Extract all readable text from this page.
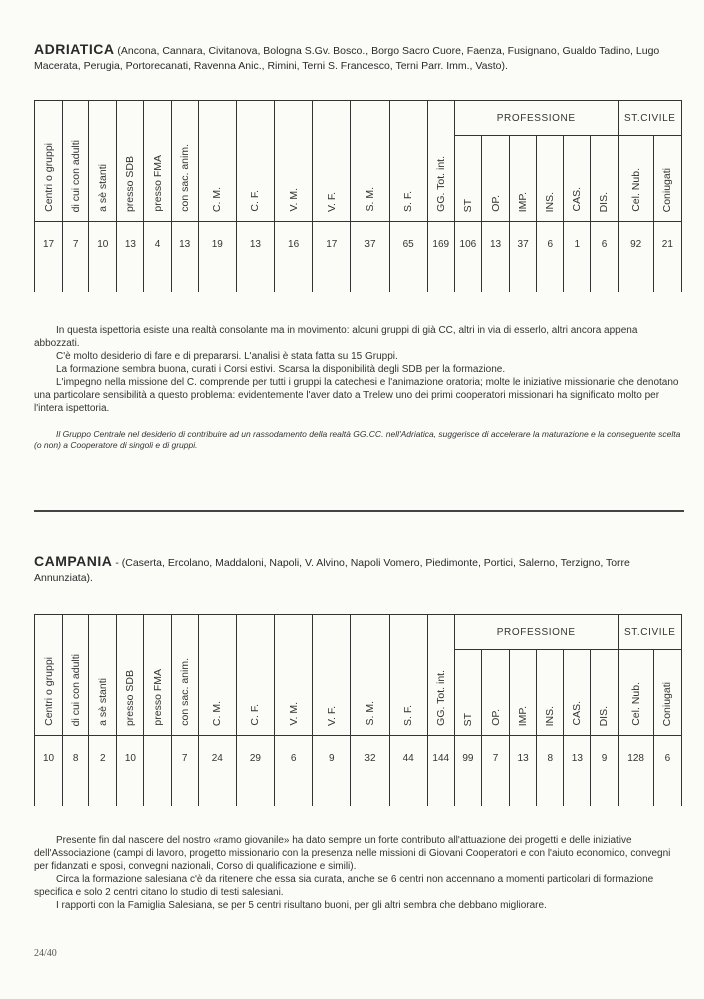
ADRIATICA (Ancona, Cannara, Civitanova, Bologna S.Gv. Bosco., Borgo Sacro Cuore, Faenza, Fusignano, Gualdo Tadino, Lugo Macerata, Perugia, Portorecanati, Ravenna Anic., Rimini, Terni S. Francesco, Terni Parr. Imm., Vasto).
Centri o gruppi	di cui con adulti	a sè stanti	presso SDB	presso FMA	con sac. anim.	C. M.	C. F.	V. M.	V. F.	S. M.	S. F.	GG. Tot. int.	PROFESSIONE						ST.CIVILE	
													ST	OP.	IMP.	INS.	CAS.	DIS.	Cel. Nub.	Coniugati
17	7	10	13	4	13	19	13	16	17	37	65	169	106	13	37	6	1	6	92	21

In questa ispettoria esiste una realtà consolante ma in movimento: alcuni gruppi di già CC, altri in via di esserlo, altri ancora appena abbozzati.

C'è molto desiderio di fare e di prepararsi. L'analisi è stata fatta su 15 Gruppi.

La formazione sembra buona, curati i Corsi estivi. Scarsa la disponibilità degli SDB per la formazione.

L'impegno nella missione del C. comprende per tutti i gruppi la catechesi e l'animazione oratoria; molte le iniziative missionarie che denotano una particolare sensibilità a questo problema: evidentemente l'aver dato a Trelew uno dei primi cooperatori missionari ha significato molto per l'intera ispettoria.

Il Gruppo Centrale nel desiderio di contribuire ad un rassodamento della realtà GG.CC. nell'Adriatica, suggerisce di accelerare la maturazione e la conseguente scelta (o non) a Cooperatore di singoli e di gruppi.

CAMPANIA - (Caserta, Ercolano, Maddaloni, Napoli, V. Alvino, Napoli Vomero, Piedimonte, Portici, Salerno, Terzigno, Torre Annunziata).
Centri o gruppi	di cui con adulti	a sè stanti	presso SDB	presso FMA	con sac. anim.	C. M.	C. F.	V. M.	V. F.	S. M.	S. F.	GG. Tot. int.	PROFESSIONE						ST.CIVILE	
													ST	OP.	IMP.	INS.	CAS.	DIS.	Cel. Nub.	Coniugati
10	8	2	10		7	24	29	6	9	32	44	144	99	7	13	8	13	9	128	6

Presente fin dal nascere del nostro «ramo giovanile» ha dato sempre un forte contributo all'attuazione dei progetti e delle iniziative dell'Associazione (campi di lavoro, progetto missionario con la presenza nelle missioni di Giovani Cooperatori e con l'aiuto economico, convegni per fidanzati e sposi, convegni nazionali, Corso di qualificazione e simili).

Circa la formazione salesiana c'è da ritenere che essa sia curata, anche se 6 centri non accennano a momenti particolari di formazione specifica e solo 2 centri citano lo studio di testi salesiani.

I rapporti con la Famiglia Salesiana, se per 5 centri risultano buoni, per gli altri sembra che debbano migliorare.

24/40
